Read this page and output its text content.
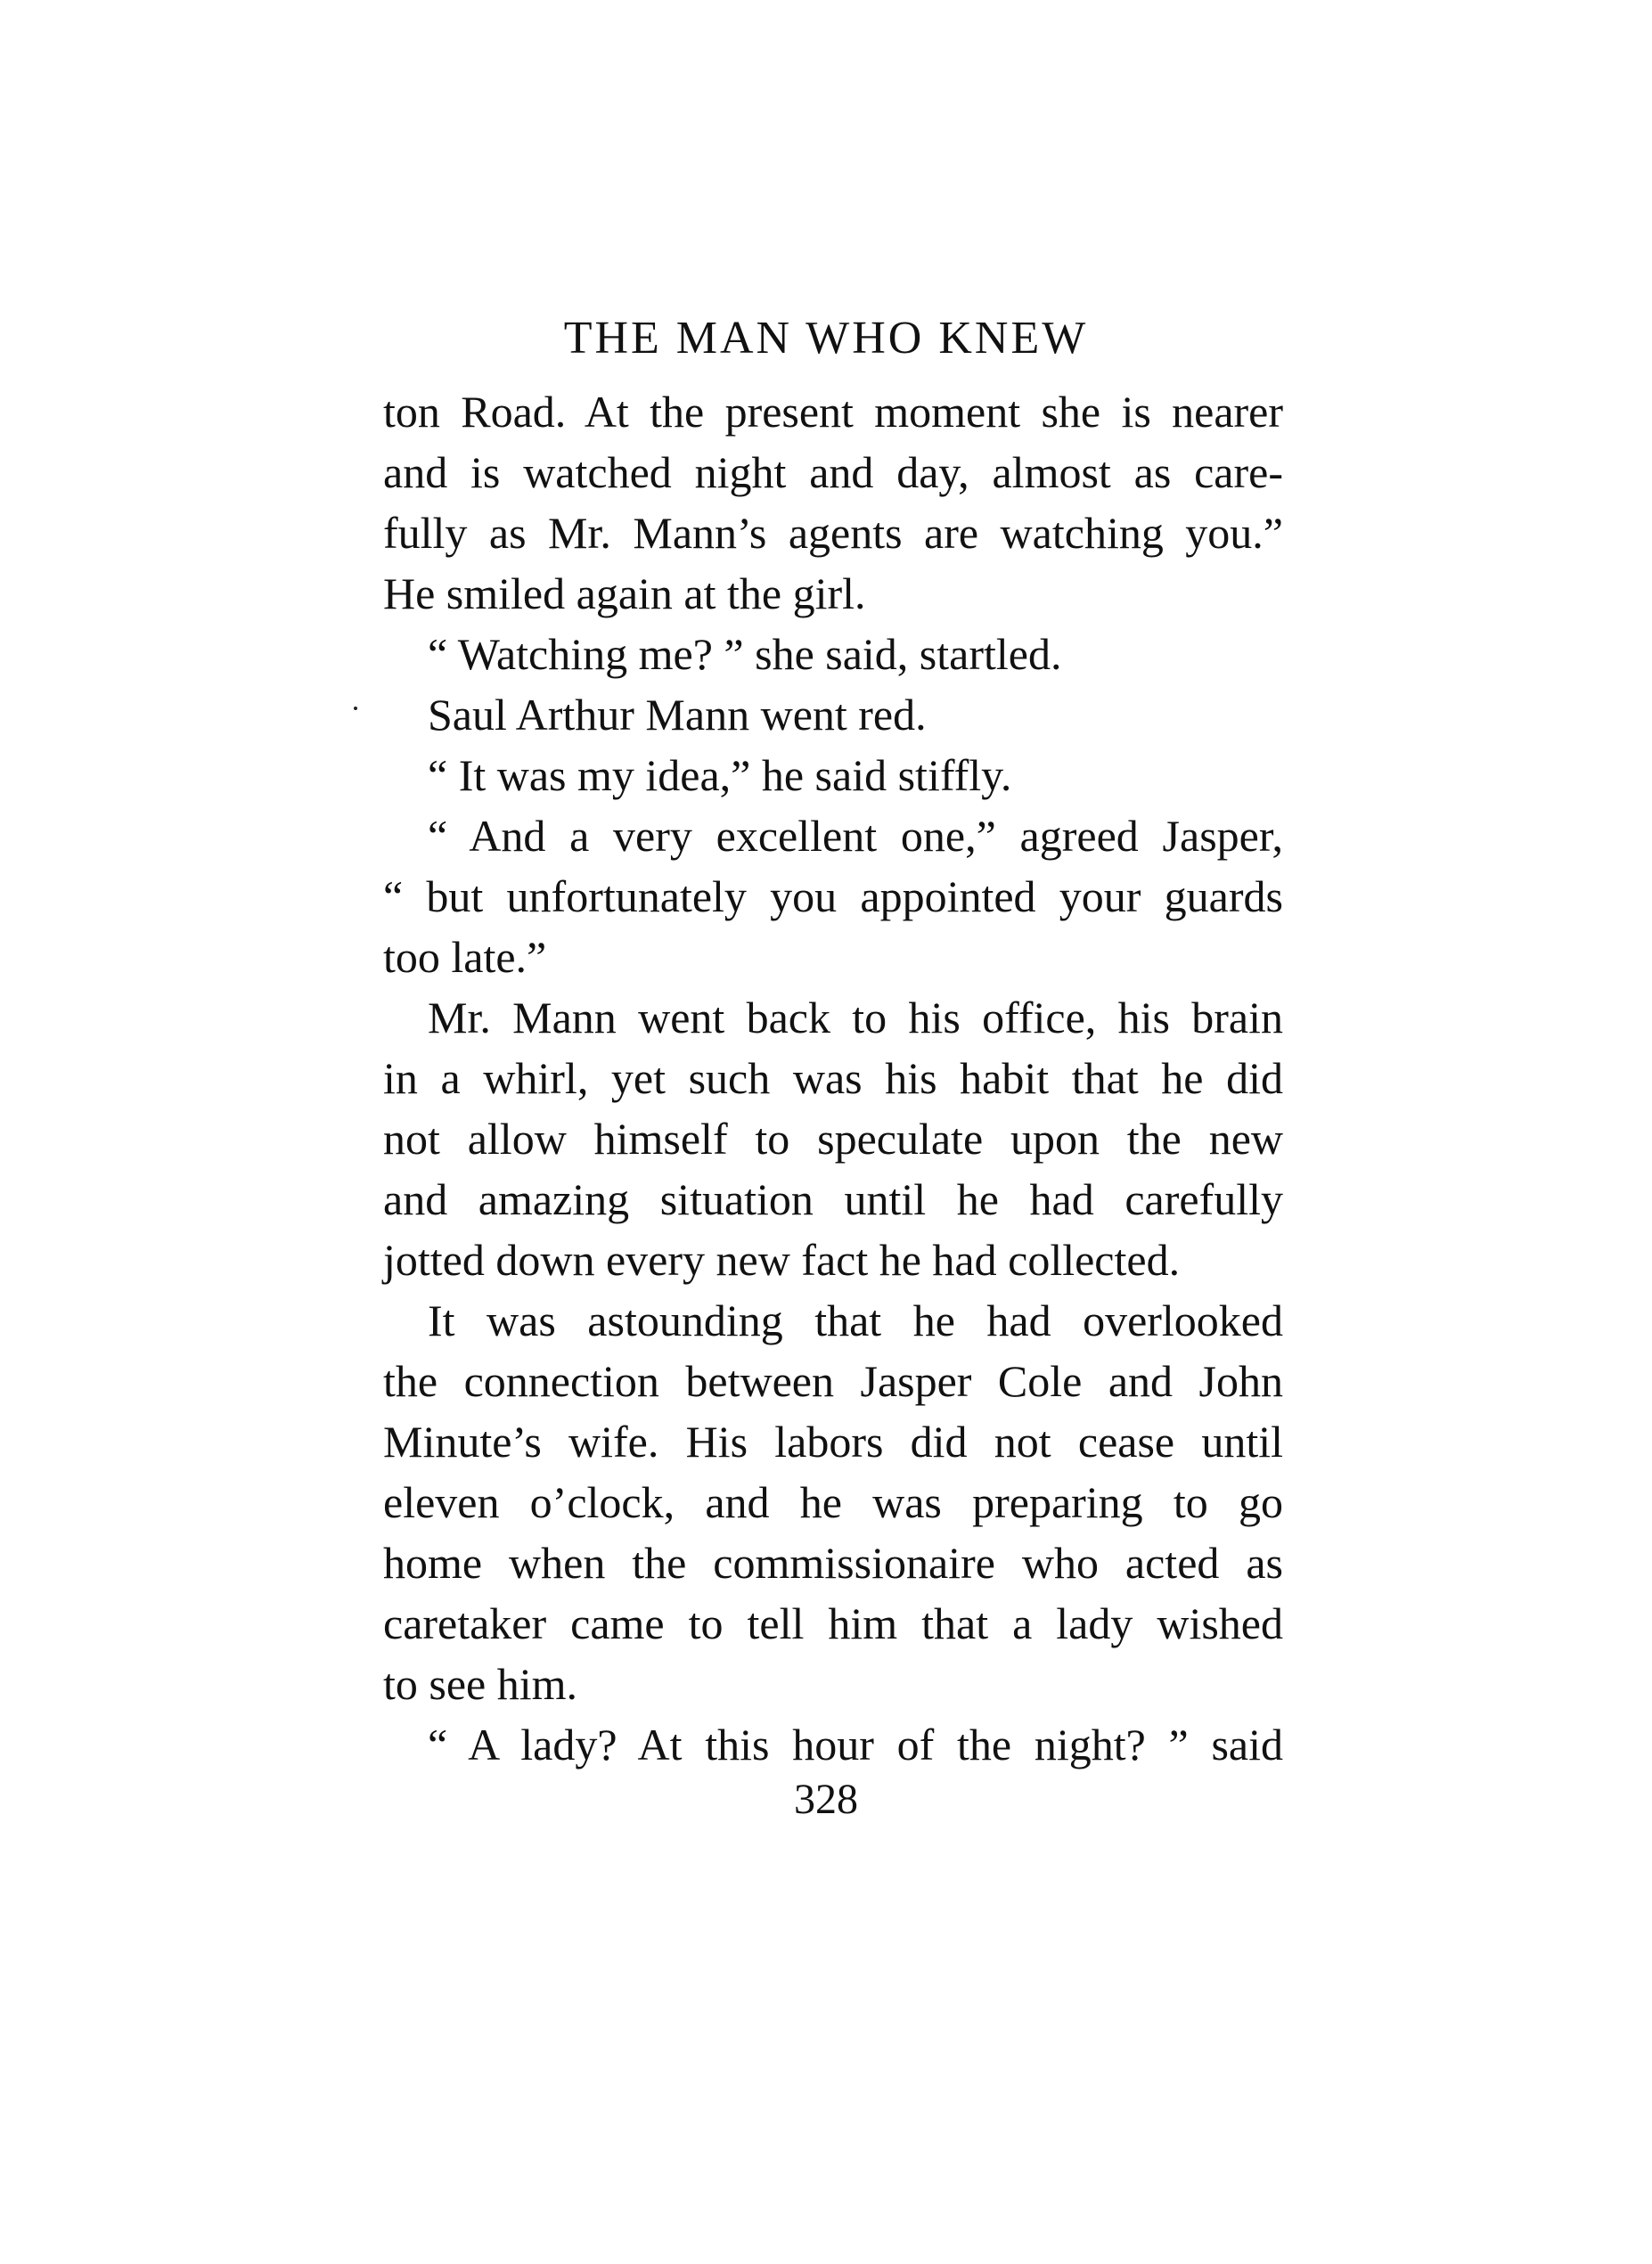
THE MAN WHO KNEW
ton Road. At the present moment she is nearer
and is watched night and day, almost as care-
fully as Mr. Mann’s agents are watching you.”
He smiled again at the girl.
“ Watching me? ” she said, startled.
Saul Arthur Mann went red.
“ It was my idea,” he said stiffly.
“ And a very excellent one,” agreed Jasper,
“ but unfortunately you appointed your guards
too late.”
Mr. Mann went back to his office, his brain
in a whirl, yet such was his habit that he did
not allow himself to speculate upon the new
and amazing situation until he had carefully
jotted down every new fact he had collected.
It was astounding that he had overlooked
the connection between Jasper Cole and John
Minute’s wife. His labors did not cease until
eleven o’clock, and he was preparing to go
home when the commissionaire who acted as
caretaker came to tell him that a lady wished
to see him.
“ A lady? At this hour of the night? ” said
328
